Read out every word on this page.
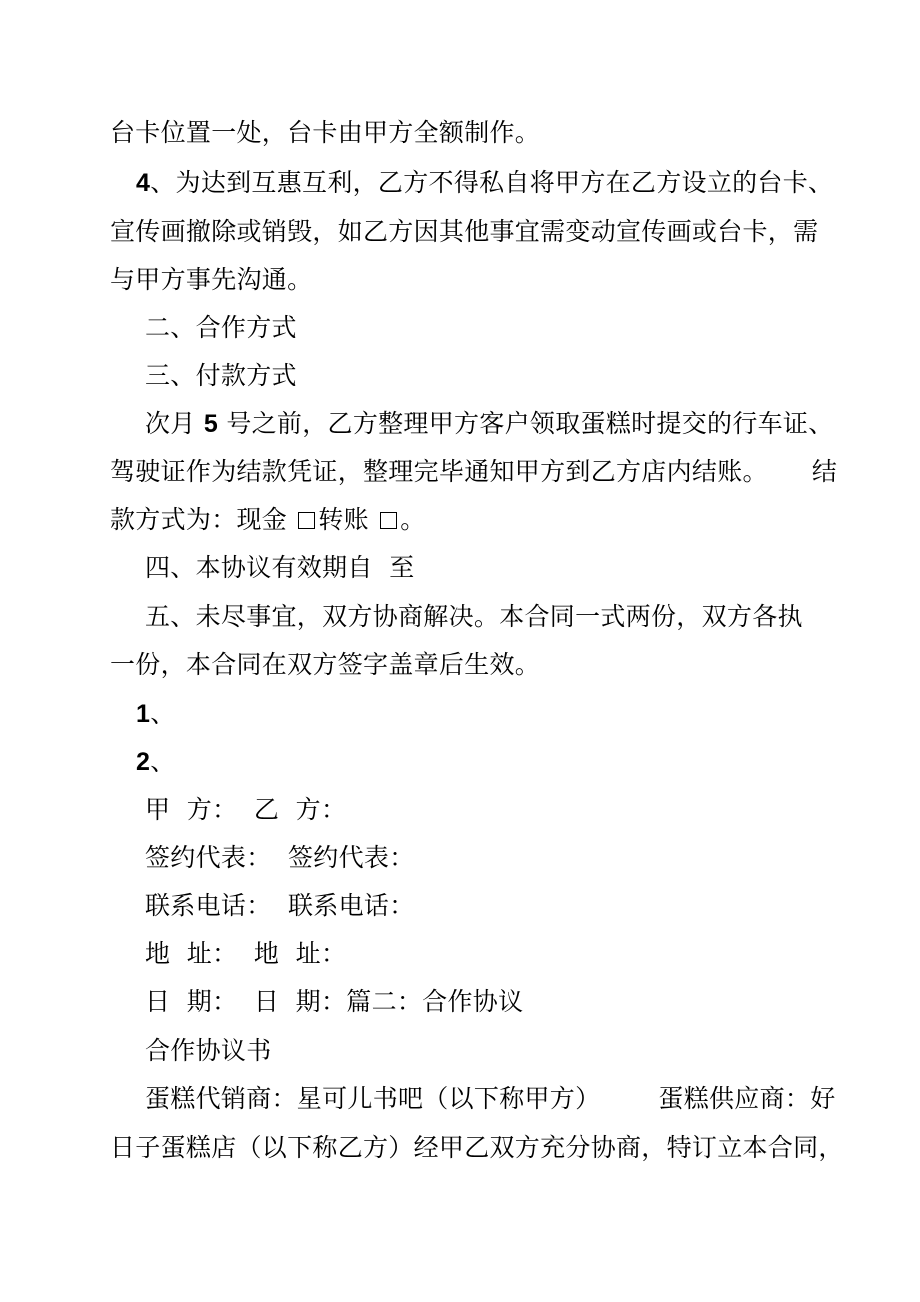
台卡位置一处，台卡由甲方全额制作。
4、为达到互惠互利，乙方不得私自将甲方在乙方设立的台卡、
宣传画撤除或销毁，如乙方因其他事宜需变动宣传画或台卡，需
与甲方事先沟通。
二、合作方式
三、付款方式
次月 5 号之前，乙方整理甲方客户领取蛋糕时提交的行车证、
驾驶证作为结款凭证，整理完毕通知甲方到乙方店内结账。 结
款方式为：现金 转账 。
四、本协议有效期自  至
五、未尽事宜，双方协商解决。本合同一式两份，双方各执
一份，本合同在双方签字盖章后生效。
1、
2、
甲  方：  乙  方：
签约代表：  签约代表：
联系电话：  联系电话：
地  址：  地  址：
日  期：  日  期：篇二：合作协议
合作协议书
蛋糕代销商：星可儿书吧（以下称甲方） 蛋糕供应商：好
日子蛋糕店（以下称乙方）经甲乙双方充分协商，特订立本合同，
